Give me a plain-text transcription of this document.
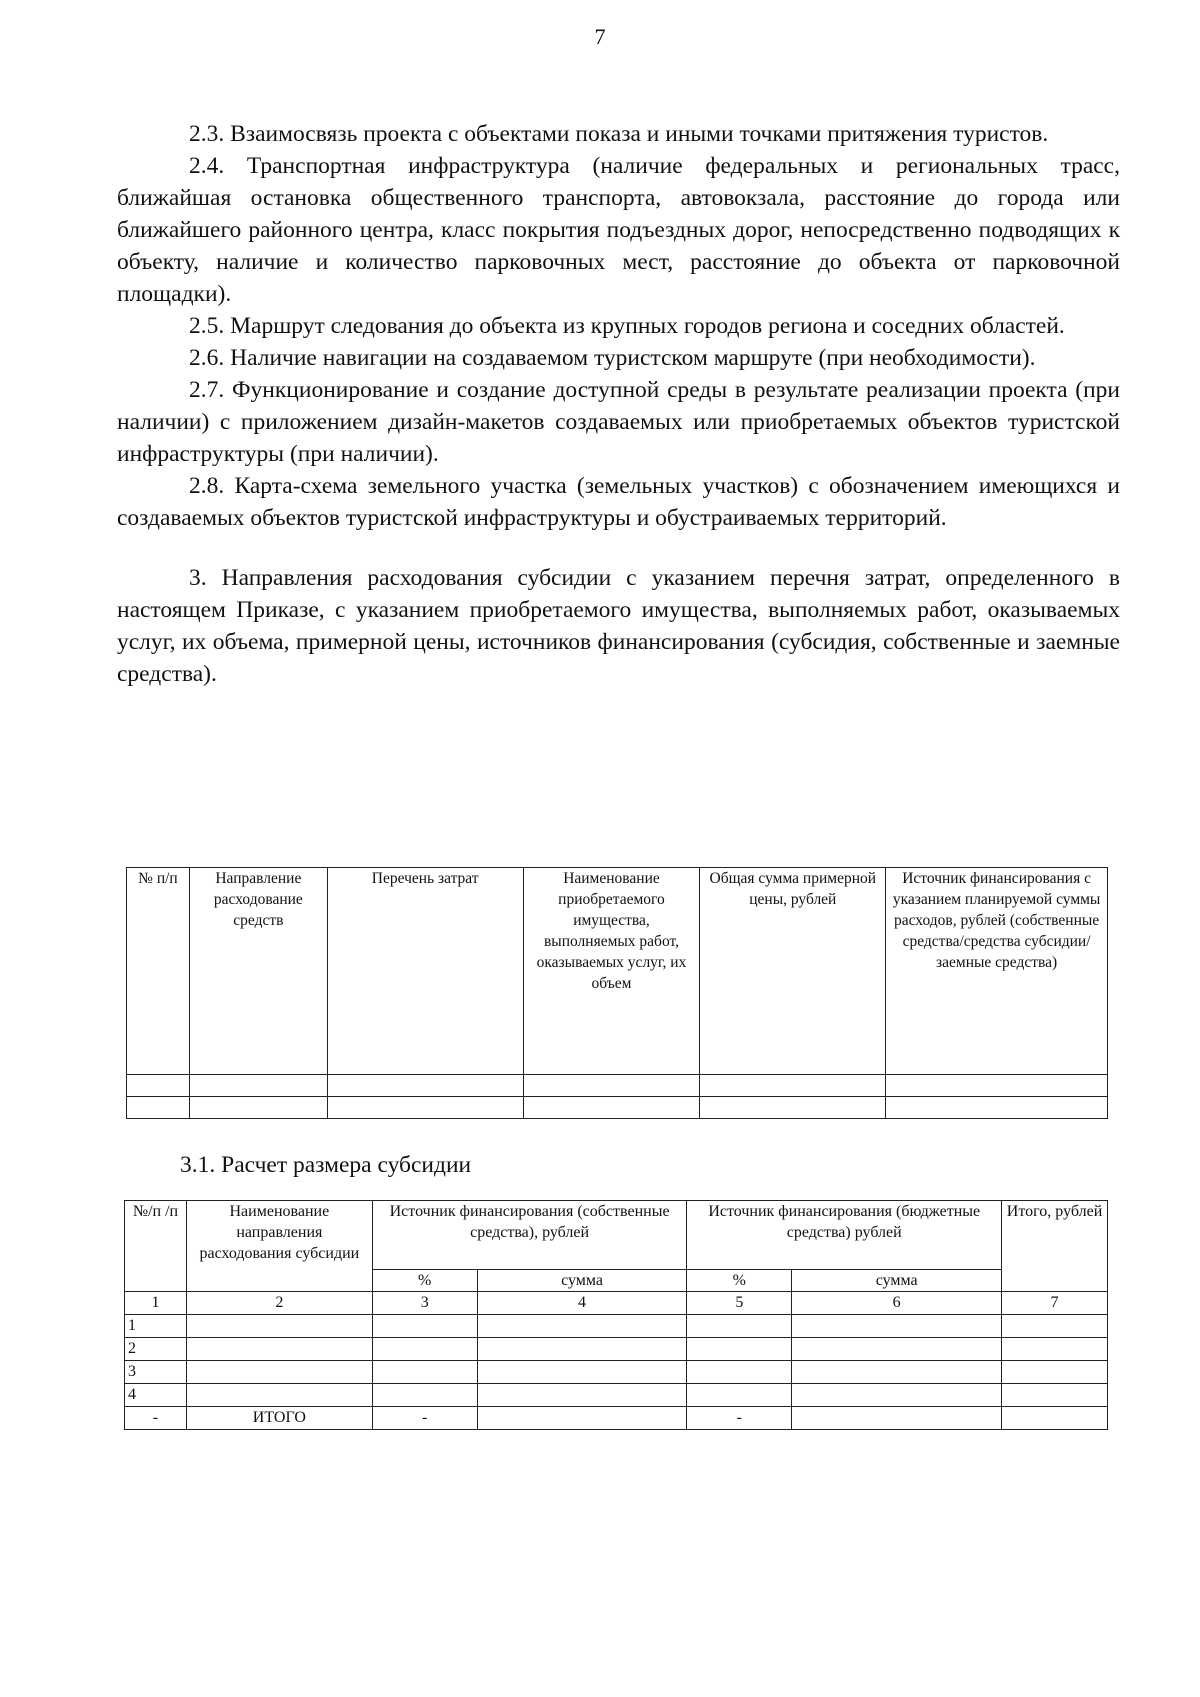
7

2.3. Взаимосвязь проекта с объектами показа и иными точками притяжения туристов.

2.4. Транспортная инфраструктура (наличие федеральных и региональных трасс, ближайшая остановка общественного транспорта, автовокзала, расстояние до города или ближайшего районного центра, класс покрытия подъездных дорог, непосредственно подводящих к объекту, наличие и количество парковочных мест, расстояние до объекта от парковочной площадки).

2.5. Маршрут следования до объекта из крупных городов региона и соседних областей.

2.6. Наличие навигации на создаваемом туристском маршруте (при необходимости).

2.7. Функционирование и создание доступной среды в результате реализации проекта (при наличии) с приложением дизайн-макетов создаваемых или приобретаемых объектов туристской инфраструктуры (при наличии).

2.8. Карта-схема земельного участка (земельных участков) с обозначением имеющихся и создаваемых объектов туристской инфраструктуры и обустраиваемых территорий.

3. Направления расходования субсидии с указанием перечня затрат, определенного в настоящем Приказе, с указанием приобретаемого имущества, выполняемых работ, оказываемых услуг, их объема, примерной цены, источников финансирования (субсидия, собственные и заемные средства).

№ п/п	Направление расходование средств	Перечень затрат	Наименование приобретаемого имущества, выполняемых работ, оказываемых услуг, их объем	Общая сумма примерной цены, рублей	Источник финансирования с указанием планируемой суммы расходов, рублей (собственные средства/средства субсидии/заемные средства)

3.1. Расчет размера субсидии
№/п /п	Наименование направления расходования субсидии	Источник финансирования (собственные средства), рублей		Источник финансирования (бюджетные средства) рублей		Итого, рублей
		%	сумма	%	сумма	
1	2	3	4	5	6	7
1						
2						
3						
4						
-	ИТОГО	-		-		
